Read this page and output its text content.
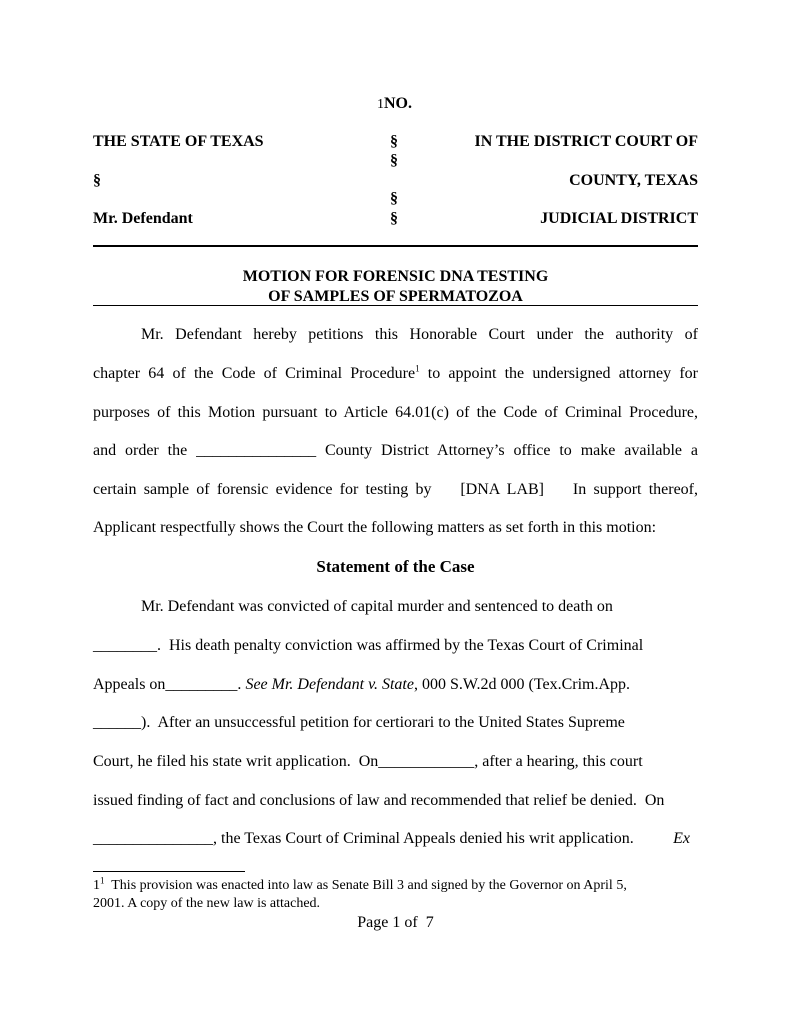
1NO.
THE STATE OF TEXAS
§
Mr. Defendant
§
§
§
§
IN THE DISTRICT COURT OF
COUNTY, TEXAS
JUDICIAL DISTRICT
MOTION FOR FORENSIC DNA TESTING
OF SAMPLES OF SPERMATOZOA
Mr. Defendant hereby petitions this Honorable Court under the authority of
chapter 64 of the Code of Criminal Procedure$^1$ to appoint the undersigned attorney for
purposes of this Motion pursuant to Article 64.01(c) of the Code of Criminal Procedure,
and order the _______________ County District Attorney’s office to make available a
certain sample of forensic evidence for testing by    [DNA LAB]    In support thereof,
Applicant respectfully shows the Court the following matters as set forth in this motion:
Statement of the Case
Mr. Defendant was convicted of capital murder and sentenced to death on
________.  His death penalty conviction was affirmed by the Texas Court of Criminal
Appeals on_________. See Mr. Defendant v. State, 000 S.W.2d 000 (Tex.Crim.App.
______).  After an unsuccessful petition for certiorari to the United States Supreme
Court, he filed his state writ application.  On____________, after a hearing, this court
issued finding of fact and conclusions of law and recommended that relief be denied.  On
_______________, the Texas Court of Criminal Appeals denied his writ application. Ex
$1^1$  This provision was enacted into law as Senate Bill 3 and signed by the Governor on April 5,
2001. A copy of the new law is attached.
Page 1 of  7
